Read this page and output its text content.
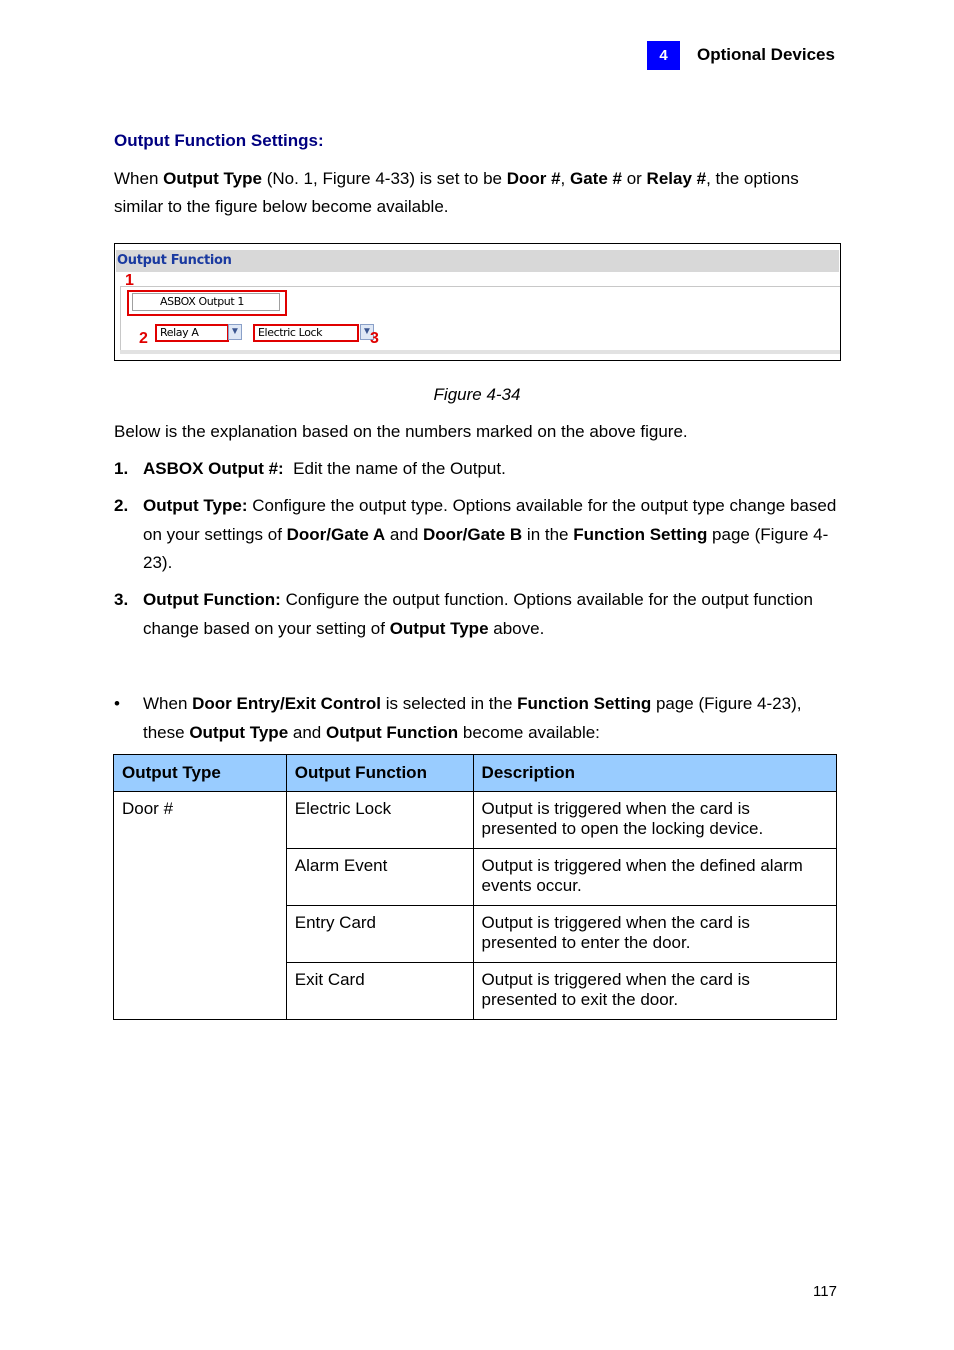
4	Optional Devices
Output Function Settings:
When Output Type (No. 1, Figure 4-33) is set to be Door #, Gate # or Relay #, the options similar to the figure below become available.
Output Function
1
ASBOX Output 1
2	Relay A	▼	Electric Lock	▼
3
Figure 4-34
Below is the explanation based on the numbers marked on the above figure.
1. ASBOX Output #:  Edit the name of the Output.
2. Output Type: Configure the output type. Options available for the output type change based on your settings of Door/Gate A and Door/Gate B in the Function Setting page (Figure 4-23).
3. Output Function: Configure the output function. Options available for the output function change based on your setting of Output Type above.
• When Door Entry/Exit Control is selected in the Function Setting page (Figure 4-23), these Output Type and Output Function become available:
Output Type	Output Function	Description
Door #	Electric Lock	Output is triggered when the card is
presented to open the locking device.
	Alarm Event	Output is triggered when the defined alarm
events occur.
	Entry Card	Output is triggered when the card is
presented to enter the door.
	Exit Card	Output is triggered when the card is
presented to exit the door.
117
